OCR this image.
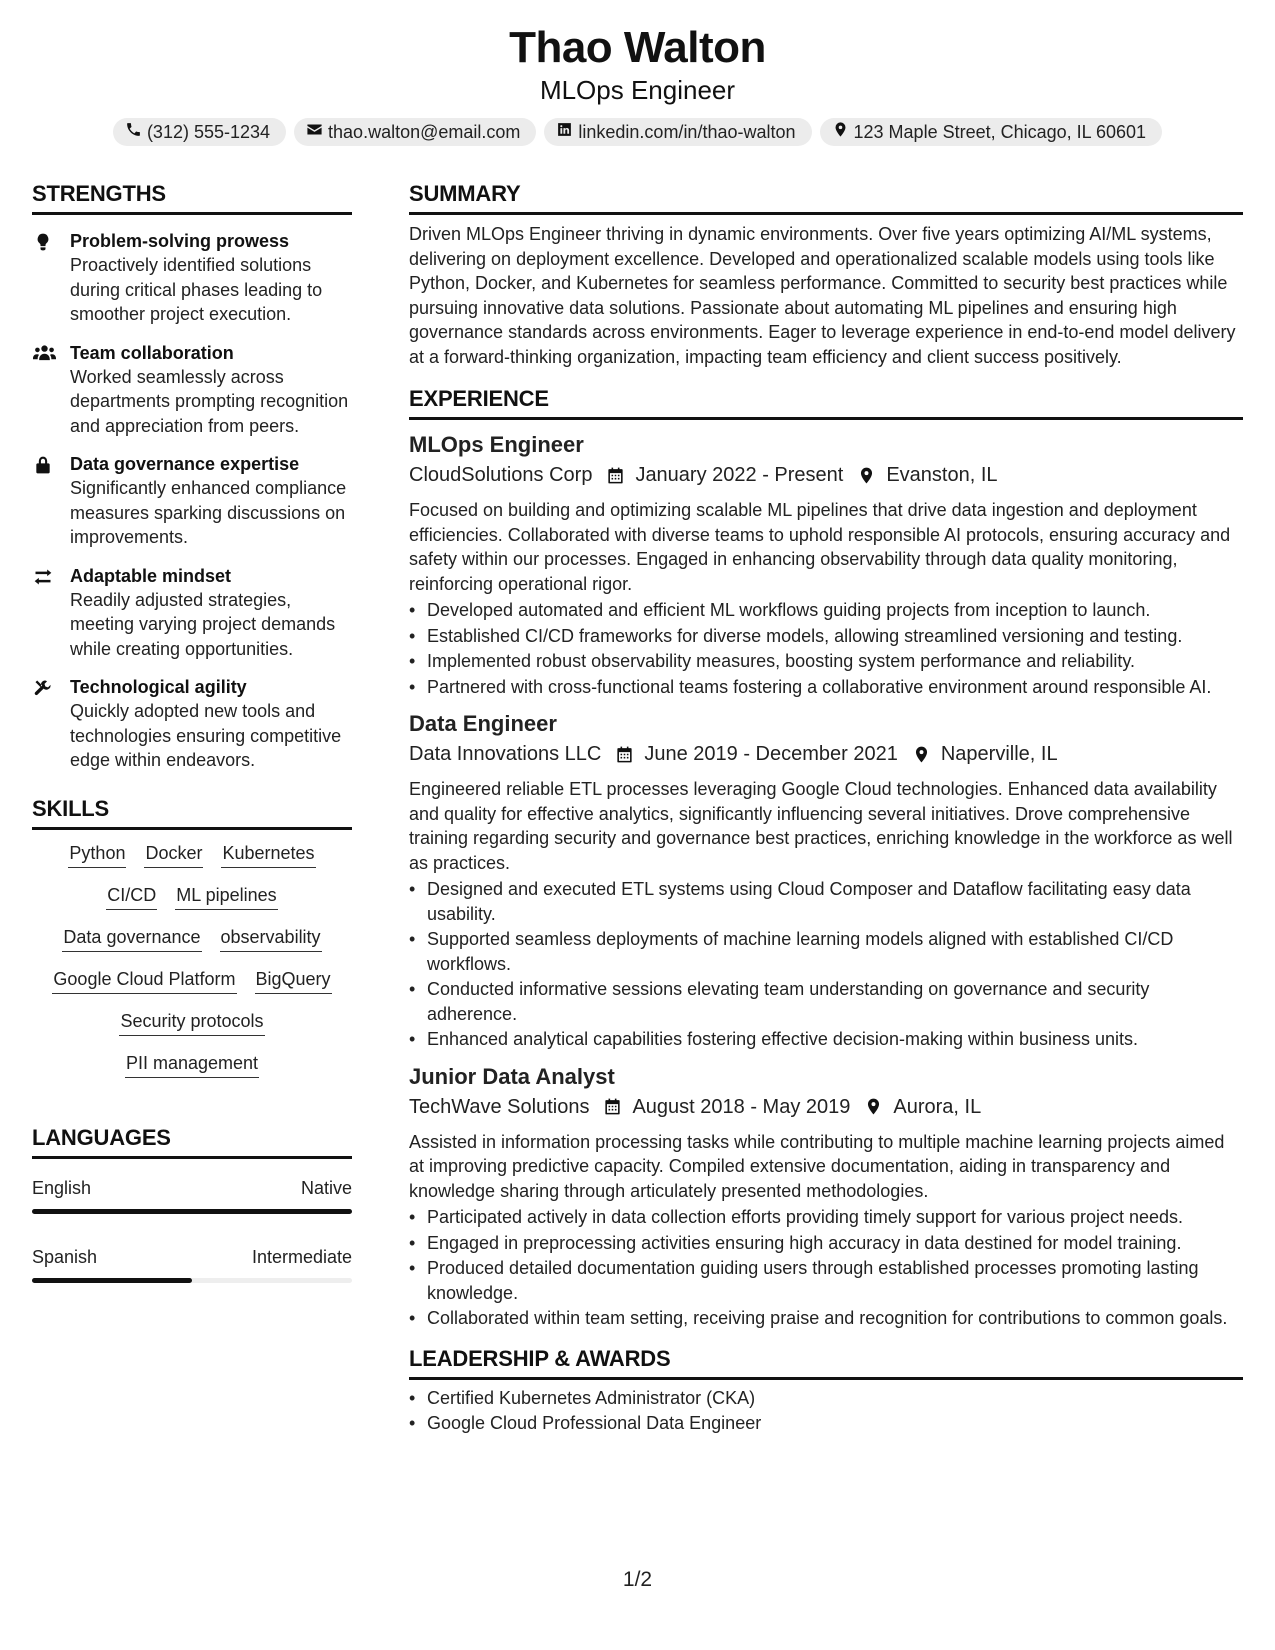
Thao Walton
MLOps Engineer
(312) 555-1234	thao.walton@email.com	linkedin.com/in/thao-walton	123 Maple Street, Chicago, IL 60601
STRENGTHS
Problem-solving prowess
Proactively identified solutions during critical phases leading to smoother project execution.
Team collaboration
Worked seamlessly across departments prompting recognition and appreciation from peers.
Data governance expertise
Significantly enhanced compliance measures sparking discussions on improvements.
Adaptable mindset
Readily adjusted strategies, meeting varying project demands while creating opportunities.
Technological agility
Quickly adopted new tools and technologies ensuring competitive edge within endeavors.
SKILLS
Python Docker Kubernetes
CI/CD ML pipelines
Data governance observability
Google Cloud Platform BigQuery
Security protocols
PII management
LANGUAGES
English	Native
Spanish	Intermediate
SUMMARY
Driven MLOps Engineer thriving in dynamic environments. Over five years optimizing AI/ML systems, delivering on deployment excellence. Developed and operationalized scalable models using tools like Python, Docker, and Kubernetes for seamless performance. Committed to security best practices while pursuing innovative data solutions. Passionate about automating ML pipelines and ensuring high governance standards across environments. Eager to leverage experience in end-to-end model delivery at a forward-thinking organization, impacting team efficiency and client success positively.
EXPERIENCE
MLOps Engineer
CloudSolutions Corp January 2022 - Present Evanston, IL
Focused on building and optimizing scalable ML pipelines that drive data ingestion and deployment efficiencies. Collaborated with diverse teams to uphold responsible AI protocols, ensuring accuracy and safety within our processes. Engaged in enhancing observability through data quality monitoring, reinforcing operational rigor.
• Developed automated and efficient ML workflows guiding projects from inception to launch.
• Established CI/CD frameworks for diverse models, allowing streamlined versioning and testing.
• Implemented robust observability measures, boosting system performance and reliability.
• Partnered with cross-functional teams fostering a collaborative environment around responsible AI.
Data Engineer
Data Innovations LLC June 2019 - December 2021 Naperville, IL
Engineered reliable ETL processes leveraging Google Cloud technologies. Enhanced data availability and quality for effective analytics, significantly influencing several initiatives. Drove comprehensive training regarding security and governance best practices, enriching knowledge in the workforce as well as practices.
• Designed and executed ETL systems using Cloud Composer and Dataflow facilitating easy data usability.
• Supported seamless deployments of machine learning models aligned with established CI/CD workflows.
• Conducted informative sessions elevating team understanding on governance and security adherence.
• Enhanced analytical capabilities fostering effective decision-making within business units.
Junior Data Analyst
TechWave Solutions August 2018 - May 2019 Aurora, IL
Assisted in information processing tasks while contributing to multiple machine learning projects aimed at improving predictive capacity. Compiled extensive documentation, aiding in transparency and knowledge sharing through articulately presented methodologies.
• Participated actively in data collection efforts providing timely support for various project needs.
• Engaged in preprocessing activities ensuring high accuracy in data destined for model training.
• Produced detailed documentation guiding users through established processes promoting lasting knowledge.
• Collaborated within team setting, receiving praise and recognition for contributions to common goals.
LEADERSHIP & AWARDS
• Certified Kubernetes Administrator (CKA)
• Google Cloud Professional Data Engineer
1/2
